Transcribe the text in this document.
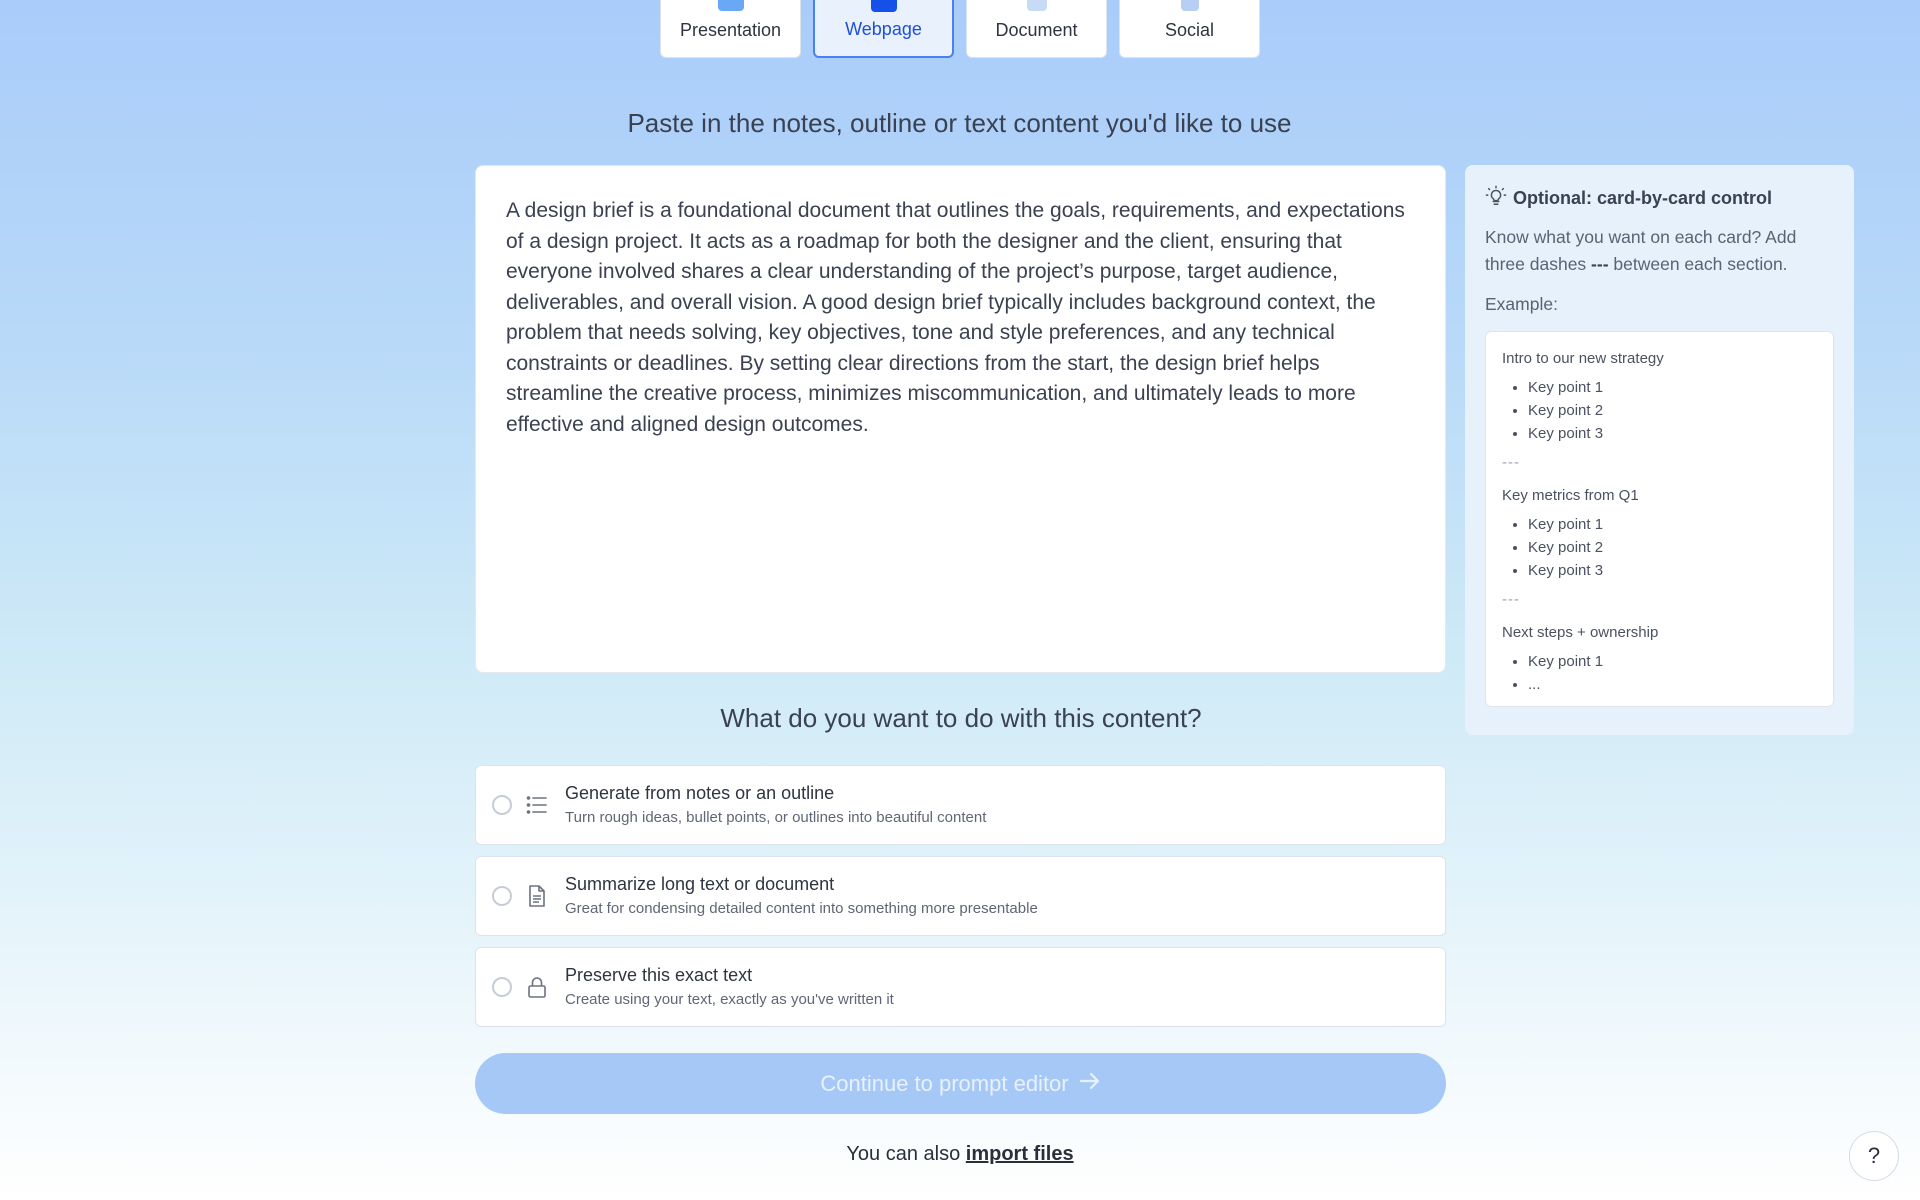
Presentation	Webpage	Document	Social
Paste in the notes, outline or text content you'd like to use
A design brief is a foundational document that outlines the goals, requirements, and expectations of a design project. It acts as a roadmap for both the designer and the client, ensuring that everyone involved shares a clear understanding of the project’s purpose, target audience, deliverables, and overall vision. A good design brief typically includes background context, the problem that needs solving, key objectives, tone and style preferences, and any technical constraints or deadlines. By setting clear directions from the start, the design brief helps streamline the creative process, minimizes miscommunication, and ultimately leads to more effective and aligned design outcomes.
Optional: card-by-card control
Know what you want on each card? Add three dashes --- between each section.
Example:
Intro to our new strategy
• Key point 1
• Key point 2
• Key point 3
---
Key metrics from Q1
• Key point 1
• Key point 2
• Key point 3
---
Next steps + ownership
• Key point 1
• ...
What do you want to do with this content?
Generate from notes or an outline
Turn rough ideas, bullet points, or outlines into beautiful content
Summarize long text or document
Great for condensing detailed content into something more presentable
Preserve this exact text
Create using your text, exactly as you've written it
Continue to prompt editor
You can also import files	?
